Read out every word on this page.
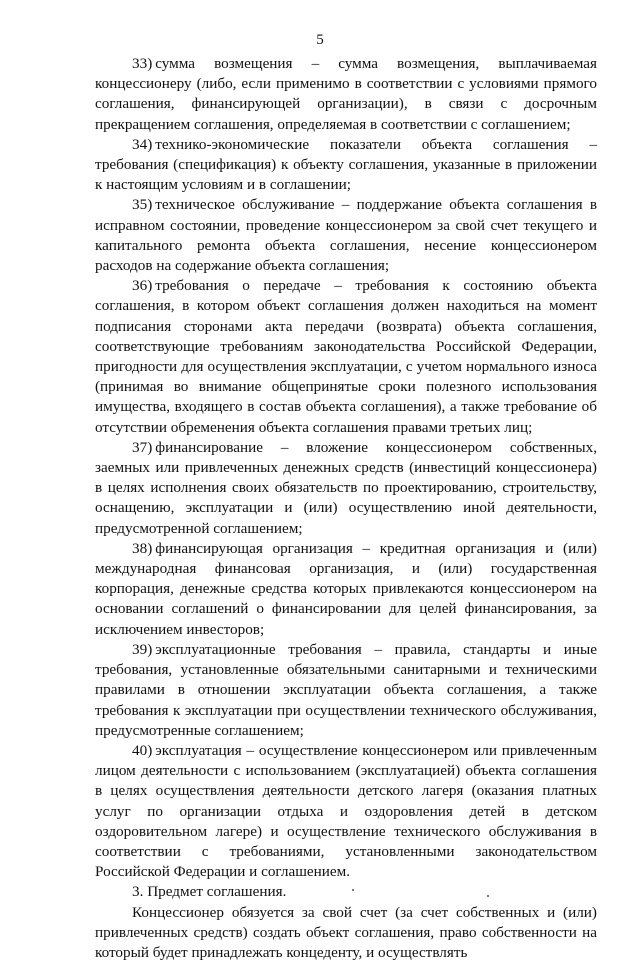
5

33) сумма возмещения – сумма возмещения, выплачиваемая концессионеру (либо, если применимо в соответствии с условиями прямого соглашения, финансирующей организации), в связи с досрочным прекращением соглашения, определяемая в соответствии с соглашением;

34) технико-экономические показатели объекта соглашения – требования (спецификация) к объекту соглашения, указанные в приложении к настоящим условиям и в соглашении;

35) техническое обслуживание – поддержание объекта соглашения в исправном состоянии, проведение концессионером за свой счет текущего и капитального ремонта объекта соглашения, несение концессионером расходов на содержание объекта соглашения;

36) требования о передаче – требования к состоянию объекта соглашения, в котором объект соглашения должен находиться на момент подписания сторонами акта передачи (возврата) объекта соглашения, соответствующие требованиям законодательства Российской Федерации, пригодности для осуществления эксплуатации, с учетом нормального износа (принимая во внимание общепринятые сроки полезного использования имущества, входящего в состав объекта соглашения), а также требование об отсутствии обременения объекта соглашения правами третьих лиц;

37) финансирование – вложение концессионером собственных, заемных или привлеченных денежных средств (инвестиций концессионера) в целях исполнения своих обязательств по проектированию, строительству, оснащению, эксплуатации и (или) осуществлению иной деятельности, предусмотренной соглашением;

38) финансирующая организация – кредитная организация и (или) международная финансовая организация, и (или) государственная корпорация, денежные средства которых привлекаются концессионером на основании соглашений о финансировании для целей финансирования, за исключением инвесторов;

39) эксплуатационные требования – правила, стандарты и иные требования, установленные обязательными санитарными и техническими правилами в отношении эксплуатации объекта соглашения, а также требования к эксплуатации при осуществлении технического обслуживания, предусмотренные соглашением;

40) эксплуатация – осуществление концессионером или привлеченным лицом деятельности с использованием (эксплуатацией) объекта соглашения в целях осуществления деятельности детского лагеря (оказания платных услуг по организации отдыха и оздоровления детей в детском оздоровительном лагере) и осуществление технического обслуживания в соответствии с требованиями, установленными законодательством Российской Федерации и соглашением.

3. Предмет соглашения.

Концессионер обязуется за свой счет (за счет собственных и (или) привлеченных средств) создать объект соглашения, право собственности на который будет принадлежать концеденту, и осуществлять
